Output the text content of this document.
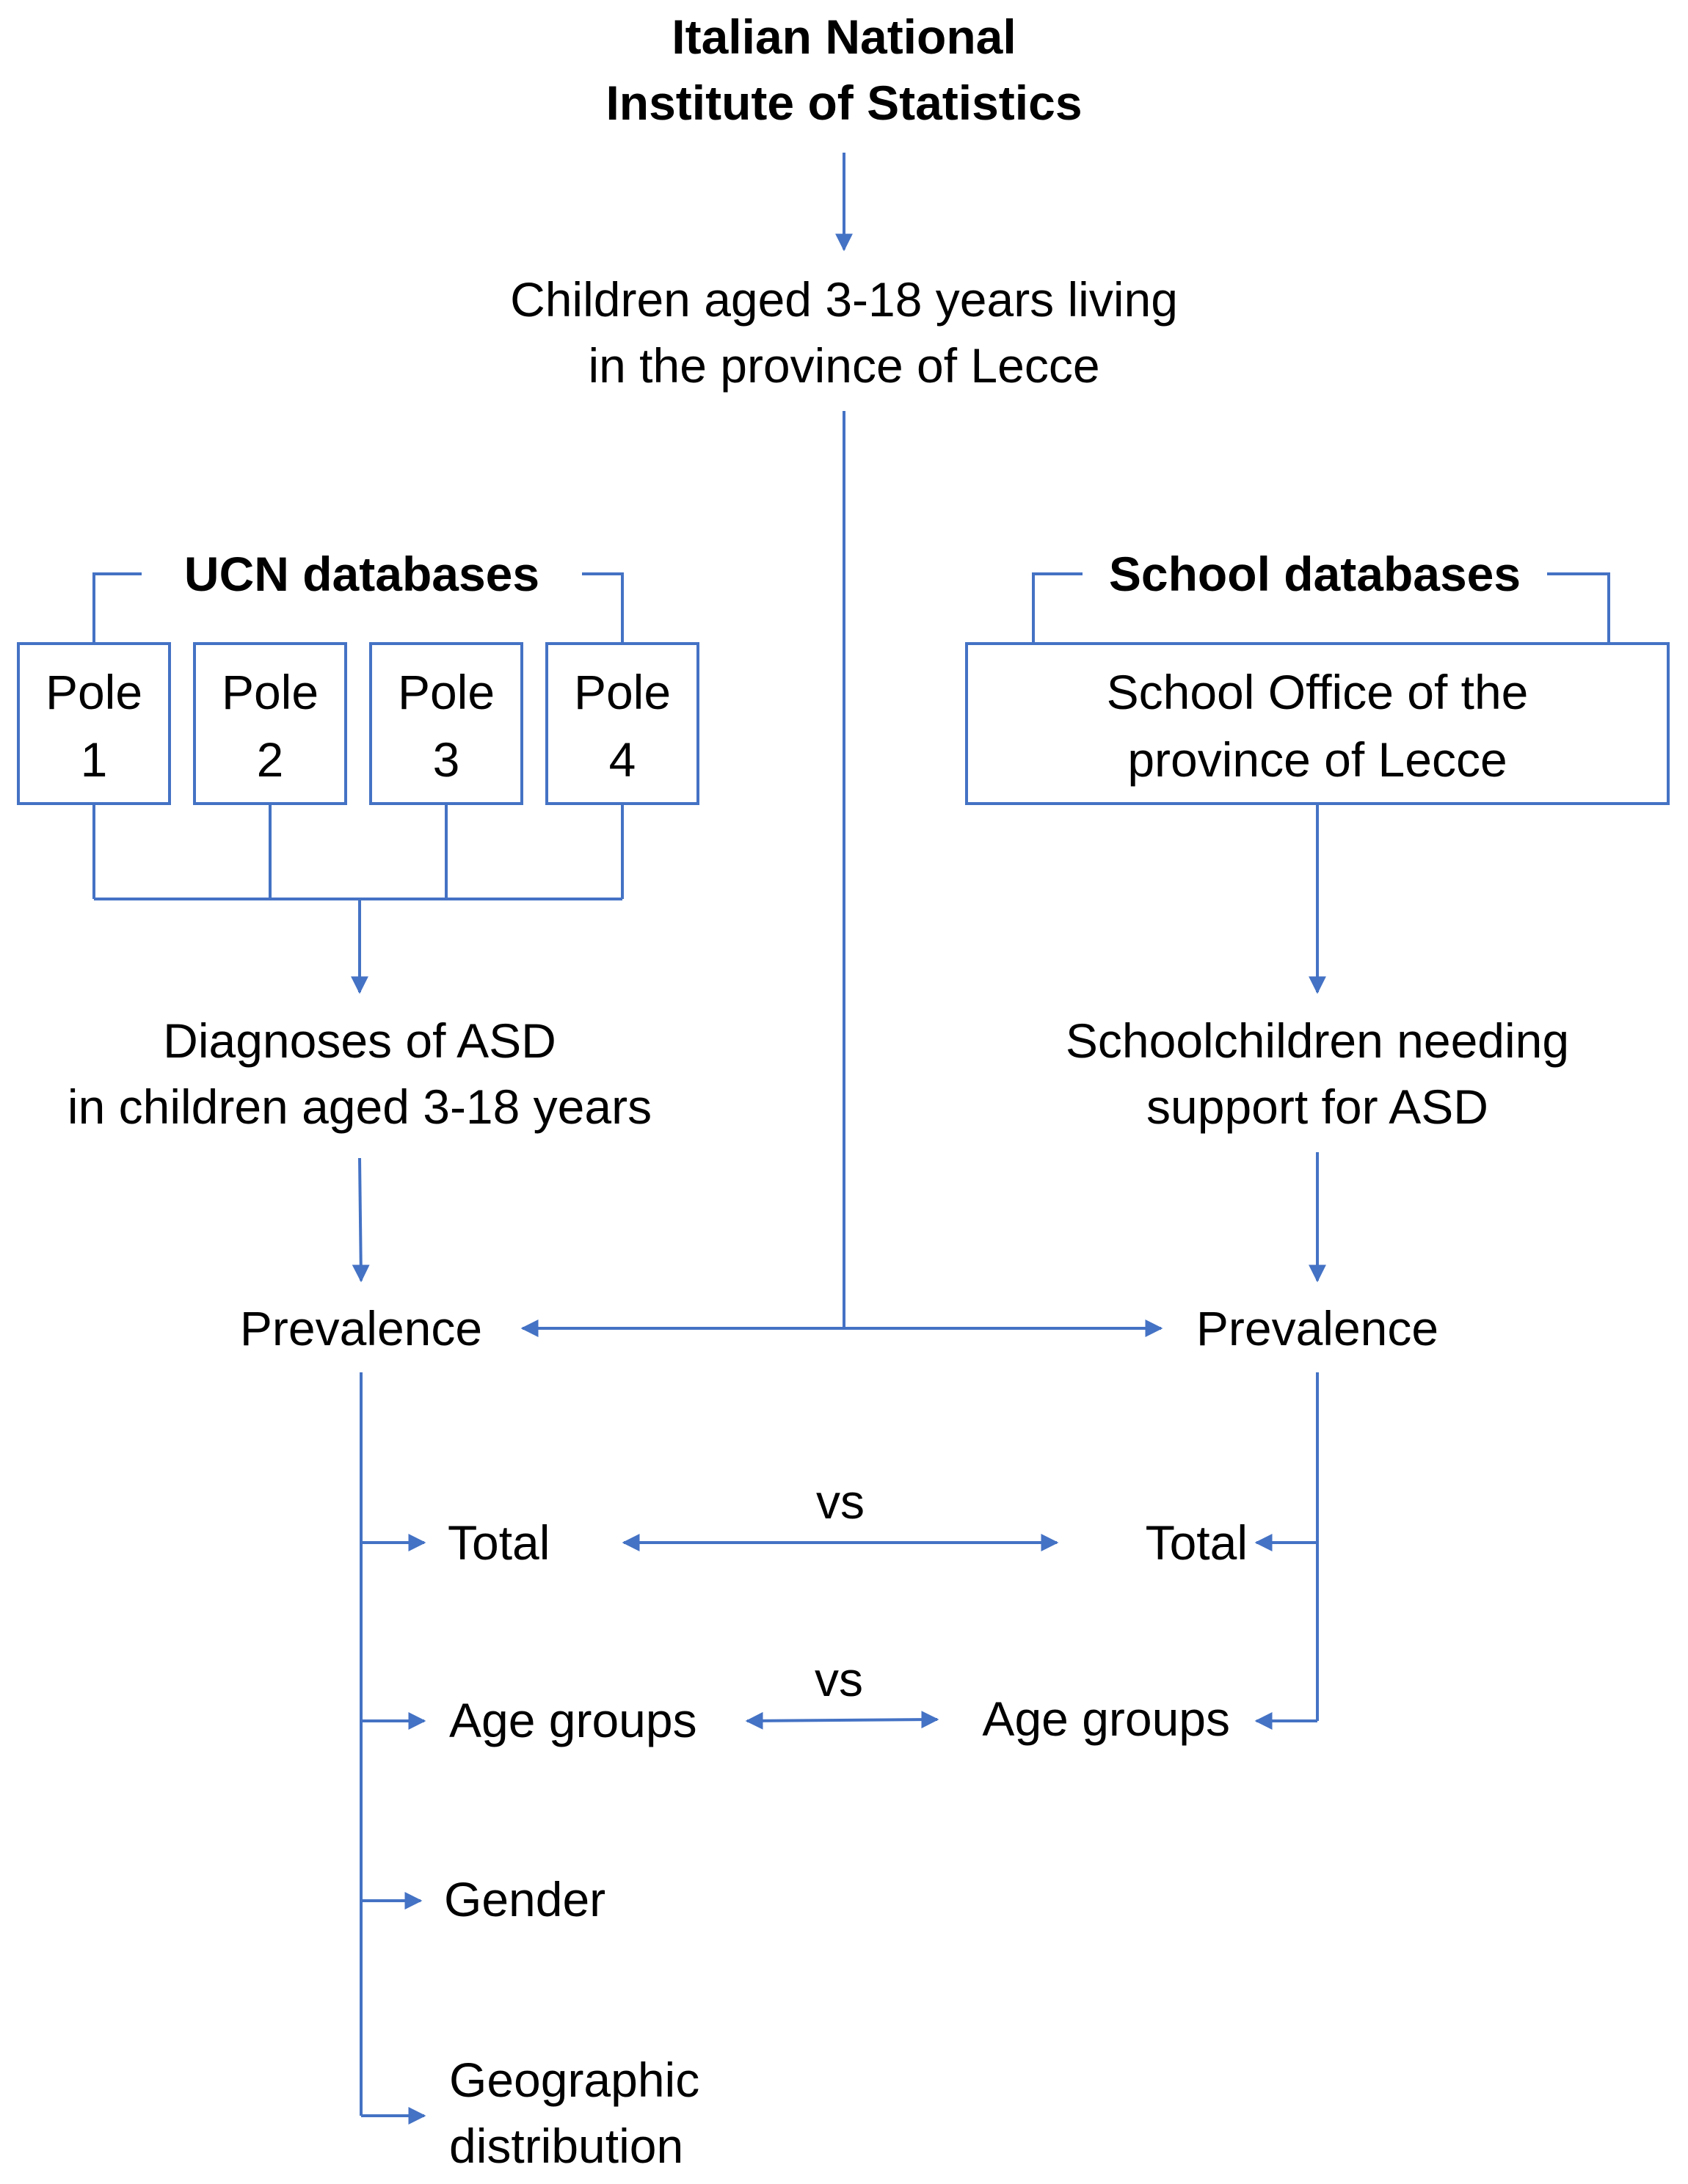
Italian National
Institute of Statistics
Children aged 3-18 years living
in the province of Lecce
UCN databases
Pole
1
Pole
2
Pole
3
Pole
4
School databases
School Office of the
province of Lecce
Diagnoses of ASD
in children aged 3-18 years
Schoolchildren needing
support for ASD
Prevalence	Prevalence
Total
Age groups
Gender
Geographic
distribution
Total
Age groups
vs
vs
